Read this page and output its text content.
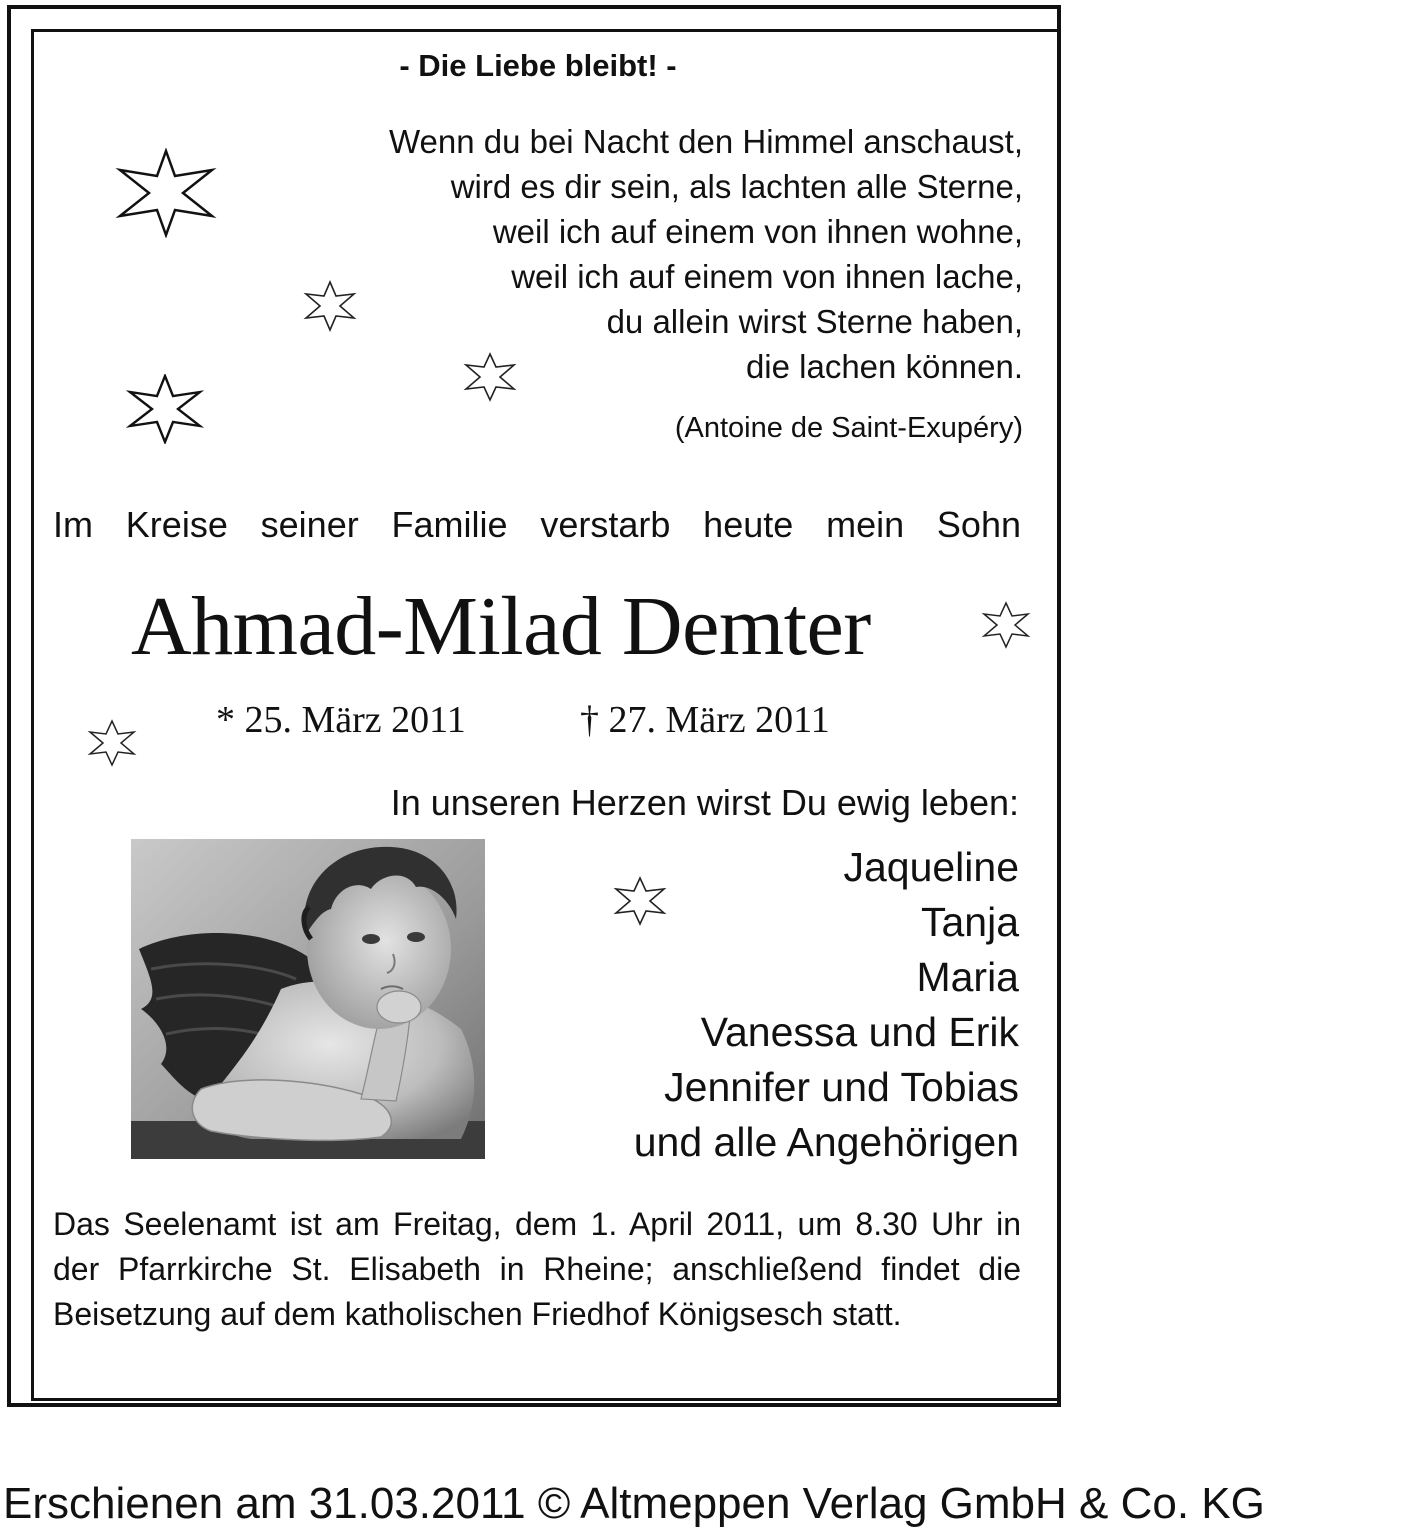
- Die Liebe bleibt! -

Wenn du bei Nacht den Himmel anschaust,
wird es dir sein, als lachten alle Sterne,
weil ich auf einem von ihnen wohne,
weil ich auf einem von ihnen lache,
du allein wirst Sterne haben,
die lachen können.

(Antoine de Saint-Exupéry)

Im Kreise seiner Familie verstarb heute mein Sohn

Ahmad-Milad Demter

* 25. März 2011	† 27. März 2011

In unseren Herzen wirst Du ewig leben:

Jaqueline
Tanja
Maria
Vanessa und Erik
Jennifer und Tobias
und alle Angehörigen

Das Seelenamt ist am Freitag, dem 1. April 2011, um 8.30 Uhr in der Pfarrkirche St. Elisabeth in Rheine; anschließend findet die Beisetzung auf dem katholischen Friedhof Königsesch statt.

Erschienen am 31.03.2011 © Altmeppen Verlag GmbH & Co. KG
